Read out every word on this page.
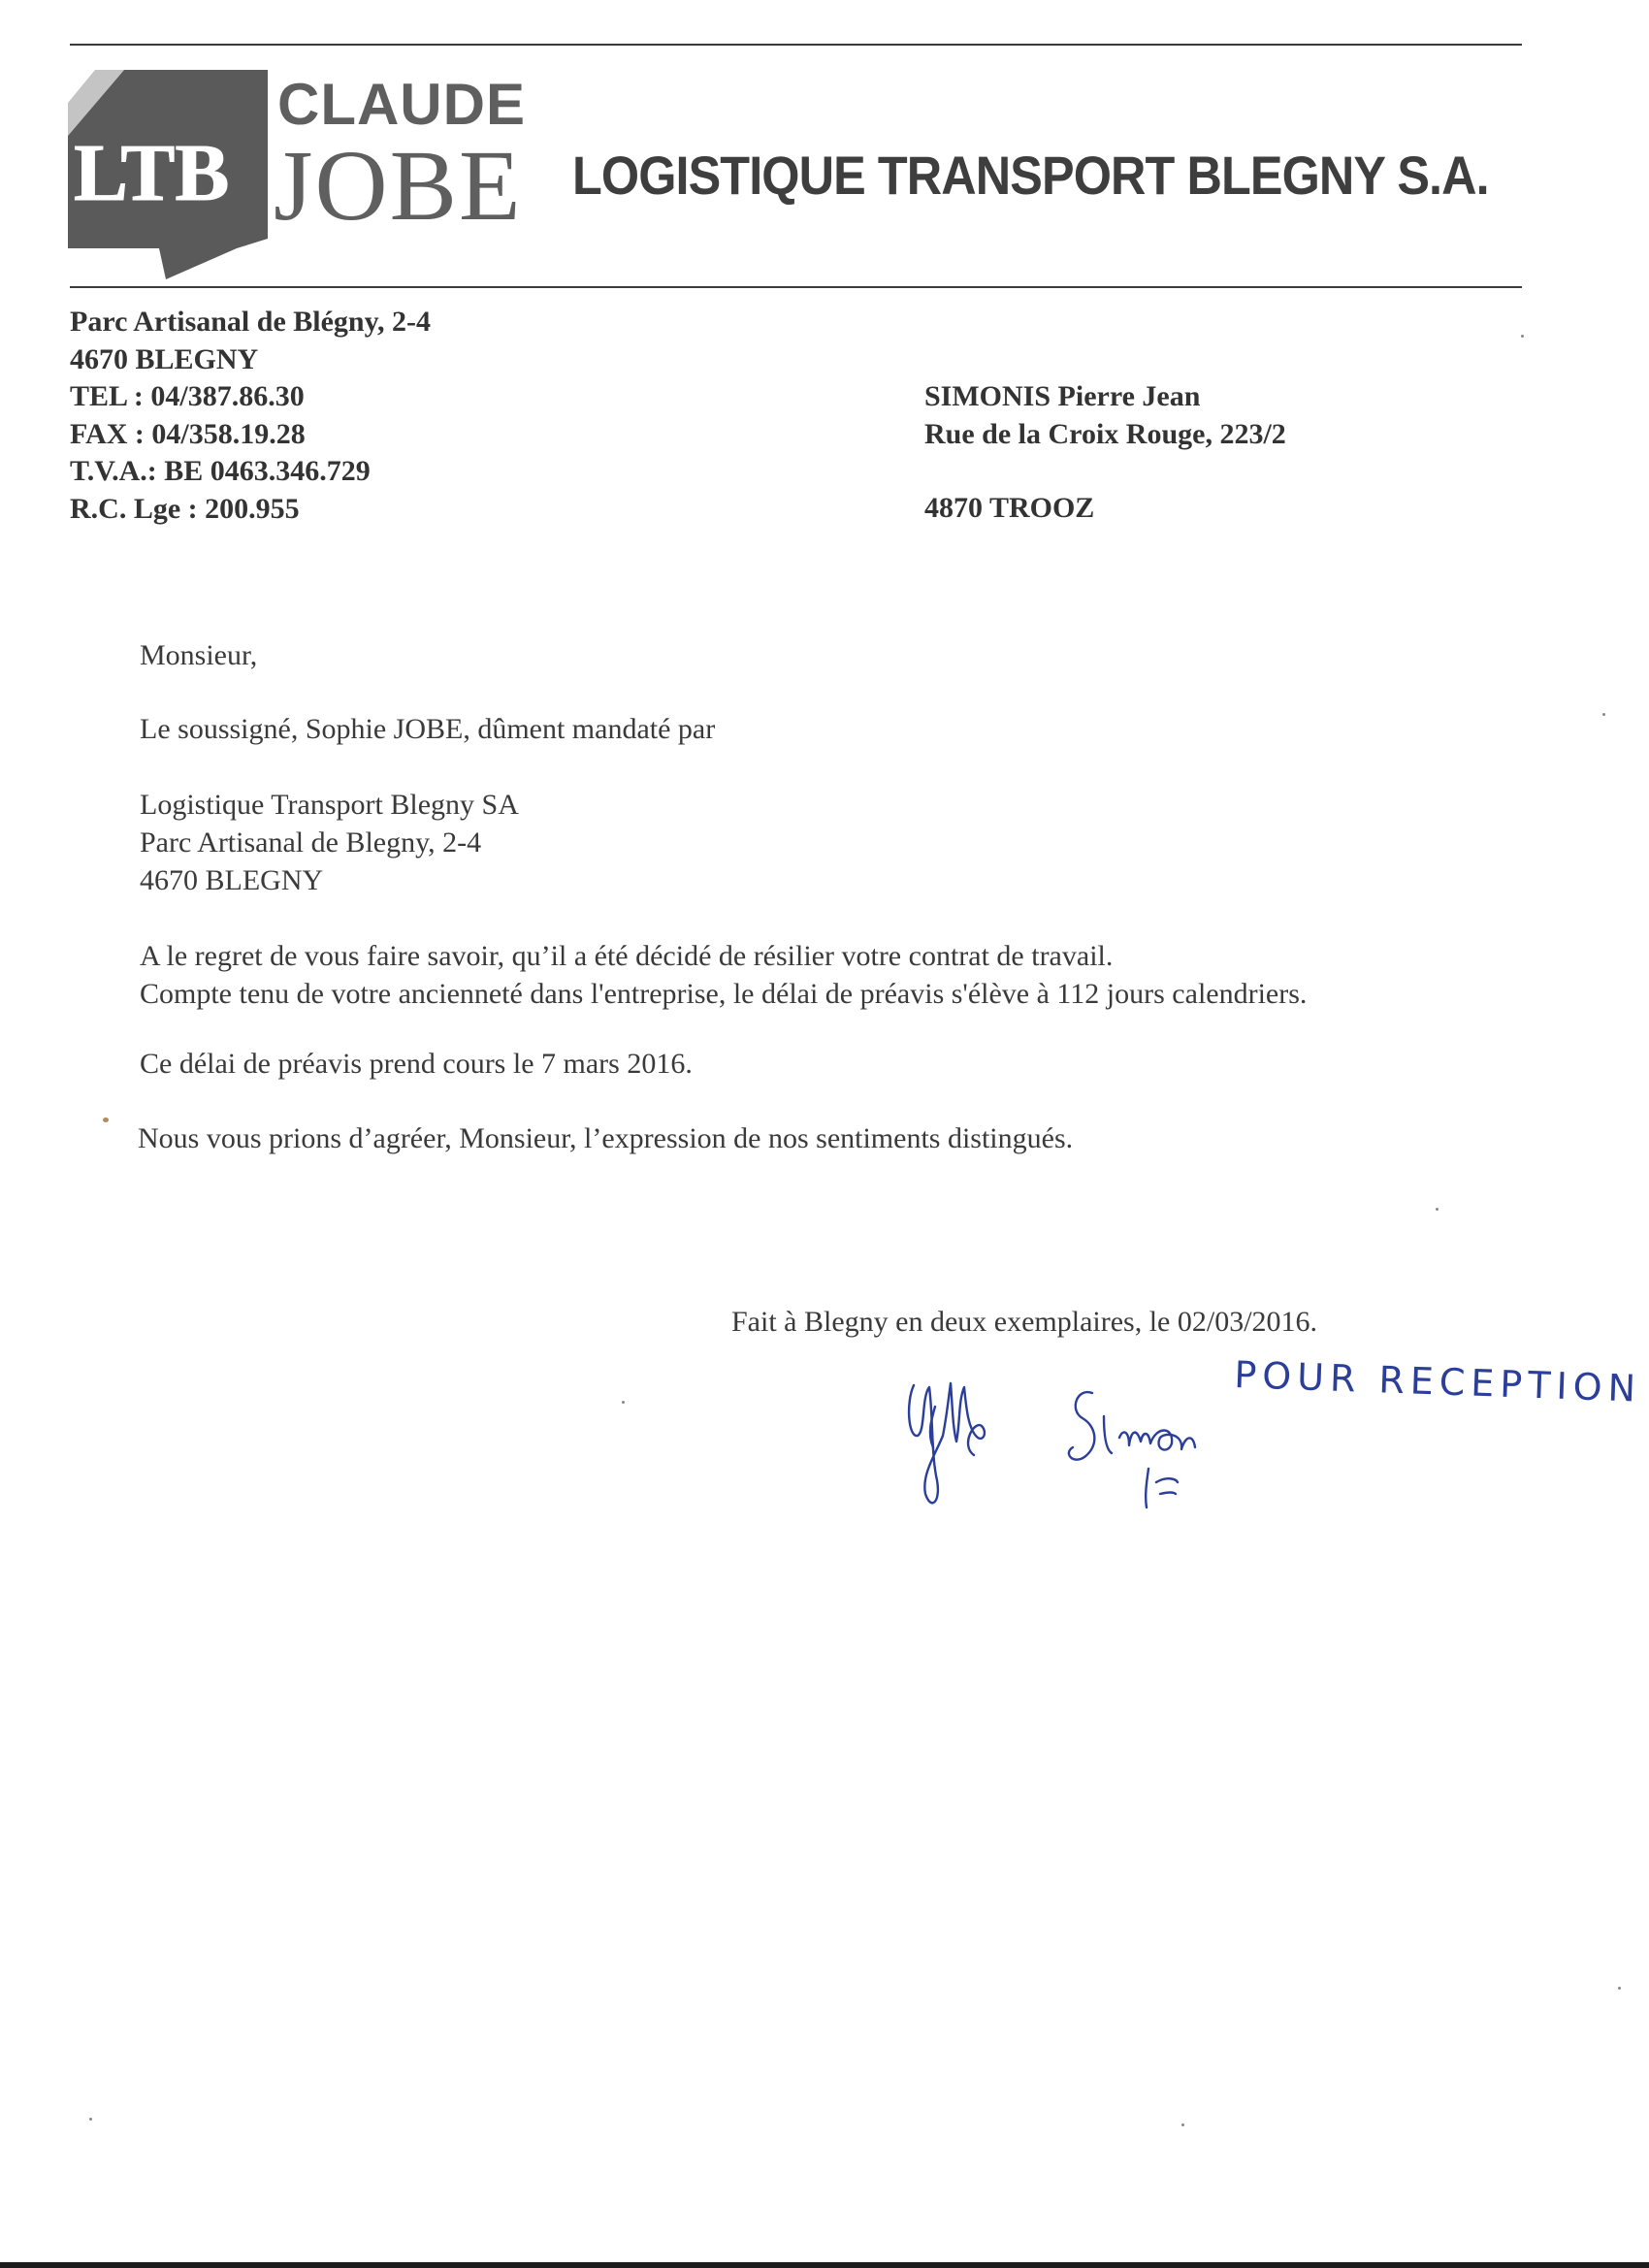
LTB
CLAUDE
JOBE LOGISTIQUE TRANSPORT BLEGNY S.A.
Parc Artisanal de Blégny, 2-4
4670 BLEGNY
TEL : 04/387.86.30
FAX : 04/358.19.28
T.V.A.: BE 0463.346.729
R.C. Lge : 200.955
SIMONIS Pierre Jean
Rue de la Croix Rouge, 223/2
4870 TROOZ
Monsieur,
Le soussigné, Sophie JOBE, dûment mandaté par
Logistique Transport Blegny SA
Parc Artisanal de Blegny, 2-4
4670 BLEGNY
A le regret de vous faire savoir, qu’il a été décidé de résilier votre contrat de travail.
Compte tenu de votre ancienneté dans l'entreprise, le délai de préavis s'élève à 112 jours calendriers.
Ce délai de préavis prend cours le 7 mars 2016.
Nous vous prions d’agréer, Monsieur, l’expression de nos sentiments distingués.
Fait à Blegny en deux exemplaires, le 02/03/2016.
POUR RECEPTION
